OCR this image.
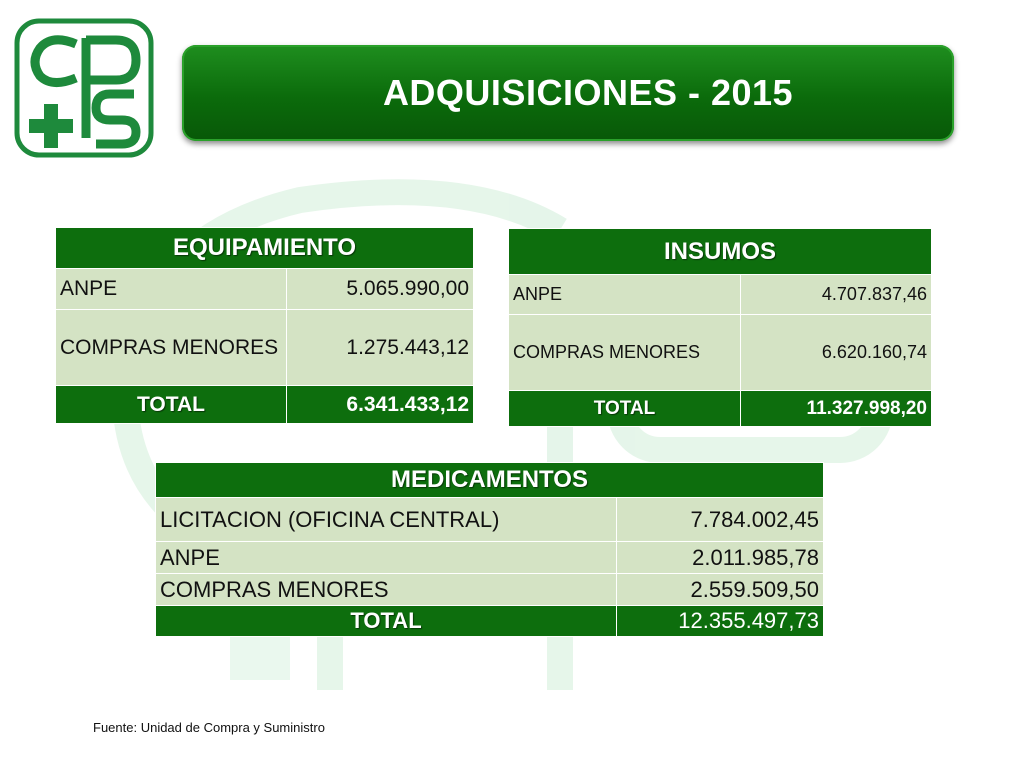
ADQUISICIONES - 2015
EQUIPAMIENTO	
ANPE	5.065.990,00
COMPRAS MENORES	1.275.443,12
TOTAL	6.341.433,12
INSUMOS	
ANPE	4.707.837,46
COMPRAS MENORES	6.620.160,74
TOTAL	11.327.998,20
MEDICAMENTOS	
LICITACION (OFICINA CENTRAL)	7.784.002,45
ANPE	2.011.985,78
COMPRAS MENORES	2.559.509,50
TOTAL	12.355.497,73
Fuente: Unidad de Compra y Suministro
